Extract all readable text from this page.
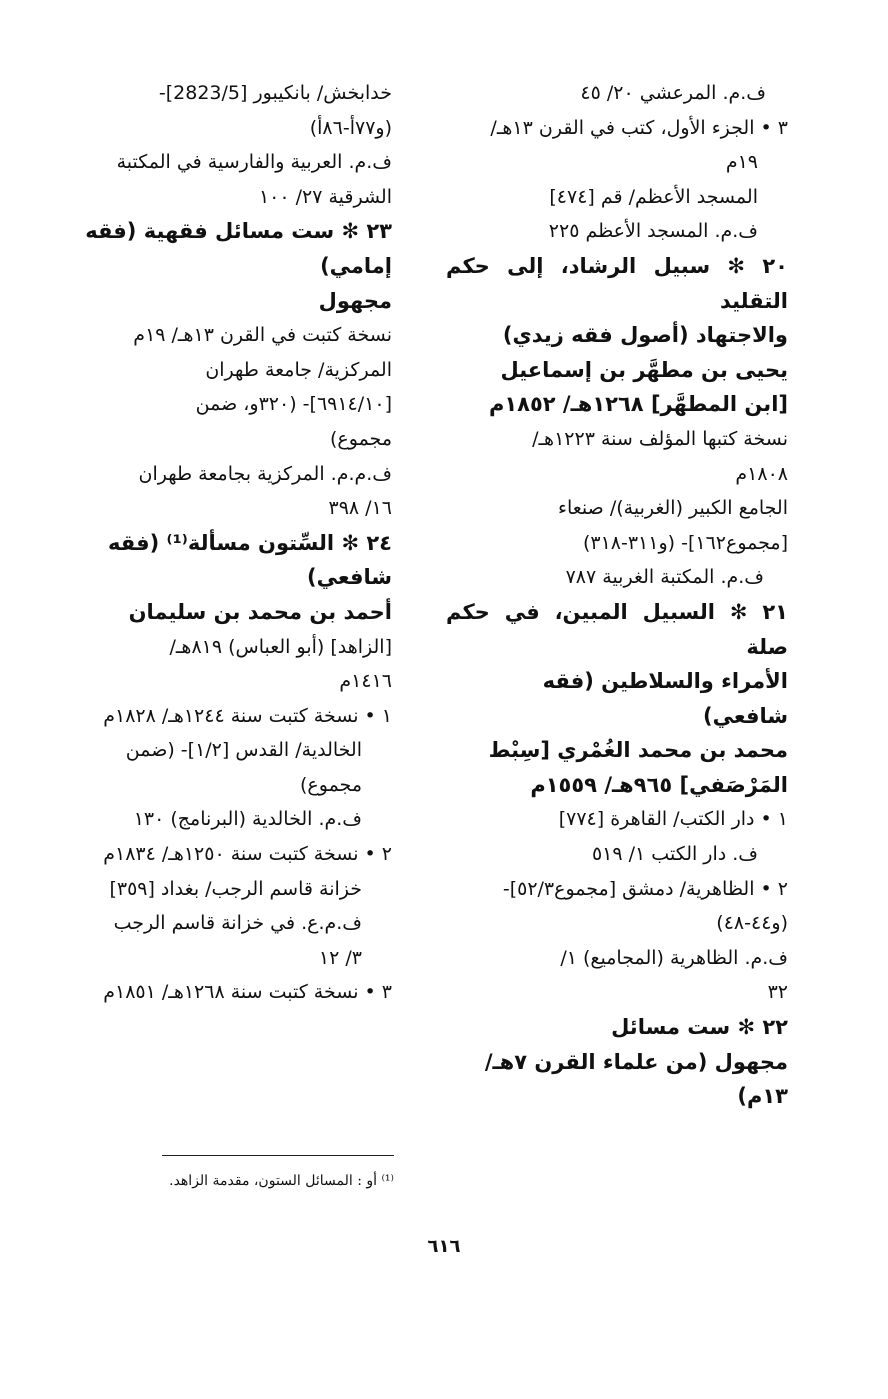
ف.م. المرعشي ٢٠/ ٤٥
٣ • الجزء الأول، كتب في القرن ١٣هـ/
١٩م
المسجد الأعظم/ قم [٤٧٤]
ف.م. المسجد الأعظم ٢٢٥
٢٠ ✻ سبيل الرشاد، إلى حكم التقليد
والاجتهاد (أصول فقه زيدي)
يحيى بن مطهَّر بن إسماعيل
[ابن المطهَّر] ١٢٦٨هـ/ ١٨٥٢م
نسخة كتبها المؤلف سنة ١٢٢٣هـ/
١٨٠٨م
الجامع الكبير (الغربية)/ صنعاء
[مجموع١٦٢]- (و٣١١-٣١٨)
ف.م. المكتبة الغربية ٧٨٧
٢١ ✻ السبيل المبين، في حكم صلة
الأمراء والسلاطين (فقه
شافعي)
محمد بن محمد الغُمْري [سِبْط
المَرْصَفي] ٩٦٥هـ/ ١٥٥٩م
١ • دار الكتب/ القاهرة [٧٧٤]
ف. دار الكتب ١/ ٥١٩
٢ • الظاهرية/ دمشق [مجموع٥٢/٣]-
(و٤٤-٤٨)
ف.م. الظاهرية (المجاميع) ١/
٣٢
٢٢ ✻ ست مسائل
مجهول (من علماء القرن ٧هـ/
١٣م)
خدابخش/ بانكيبور [2823/5]-
(و٧٧أ-٨٦أ)
ف.م. العربية والفارسية في المكتبة
الشرقية ٢٧/ ١٠٠
٢٣ ✻ ست مسائل فقهية (فقه
إمامي)
مجهول
نسخة كتبت في القرن ١٣هـ/ ١٩م
المركزية/ جامعة طهران
[٦٩١٤/١٠]- (٣٢٠و، ضمن
مجموع)
ف.م.م. المركزية بجامعة طهران
١٦/ ٣٩٨
٢٤ ✻ السِّتون مسألة⁽¹⁾ (فقه
شافعي)
أحمد بن محمد بن سليمان
[الزاهد] (أبو العباس) ٨١٩هـ/
١٤١٦م
١ • نسخة كتبت سنة ١٢٤٤هـ/ ١٨٢٨م
الخالدية/ القدس [١/٢]- (ضمن
مجموع)
ف.م. الخالدية (البرنامج) ١٣٠
٢ • نسخة كتبت سنة ١٢٥٠هـ/ ١٨٣٤م
خزانة قاسم الرجب/ بغداد [٣٥٩]
ف.م.ع. في خزانة قاسم الرجب
٣/ ١٢
٣ • نسخة كتبت سنة ١٢٦٨هـ/ ١٨٥١م
⁽¹⁾ أو : المسائل الستون، مقدمة الزاهد.
٦١٦
